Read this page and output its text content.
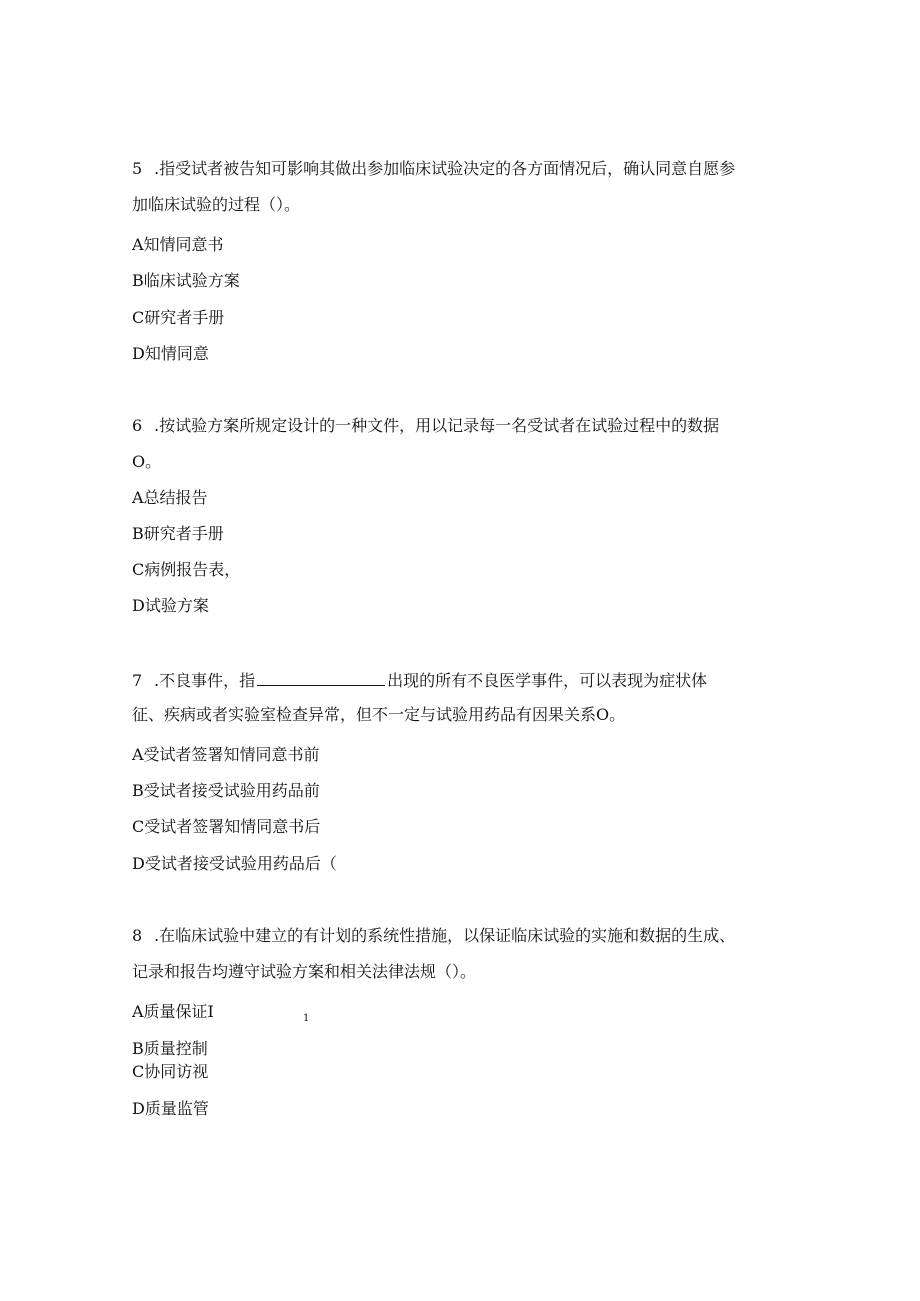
5 .指受试者被告知可影响其做出参加临床试验决定的各方面情况后，确认同意自愿参
加临床试验的过程（）。
A知情同意书
B临床试验方案
C研究者手册
D知情同意
6 .按试验方案所规定设计的一种文件，用以记录每一名受试者在试验过程中的数据
O。
A总结报告
B研究者手册
C病例报告表，
D试验方案
7 .不良事件，指	出现的所有不良医学事件，可以表现为症状体
征、疾病或者实验室检查异常，但不一定与试验用药品有因果关系O。
A受试者签署知情同意书前
B受试者接受试验用药品前
C受试者签署知情同意书后
D受试者接受试验用药品后（
8 .在临床试验中建立的有计划的系统性措施，以保证临床试验的实施和数据的生成、
记录和报告均遵守试验方案和相关法律法规（）。
A质量保证I	1
B质量控制
C协同访视
D质量监管
